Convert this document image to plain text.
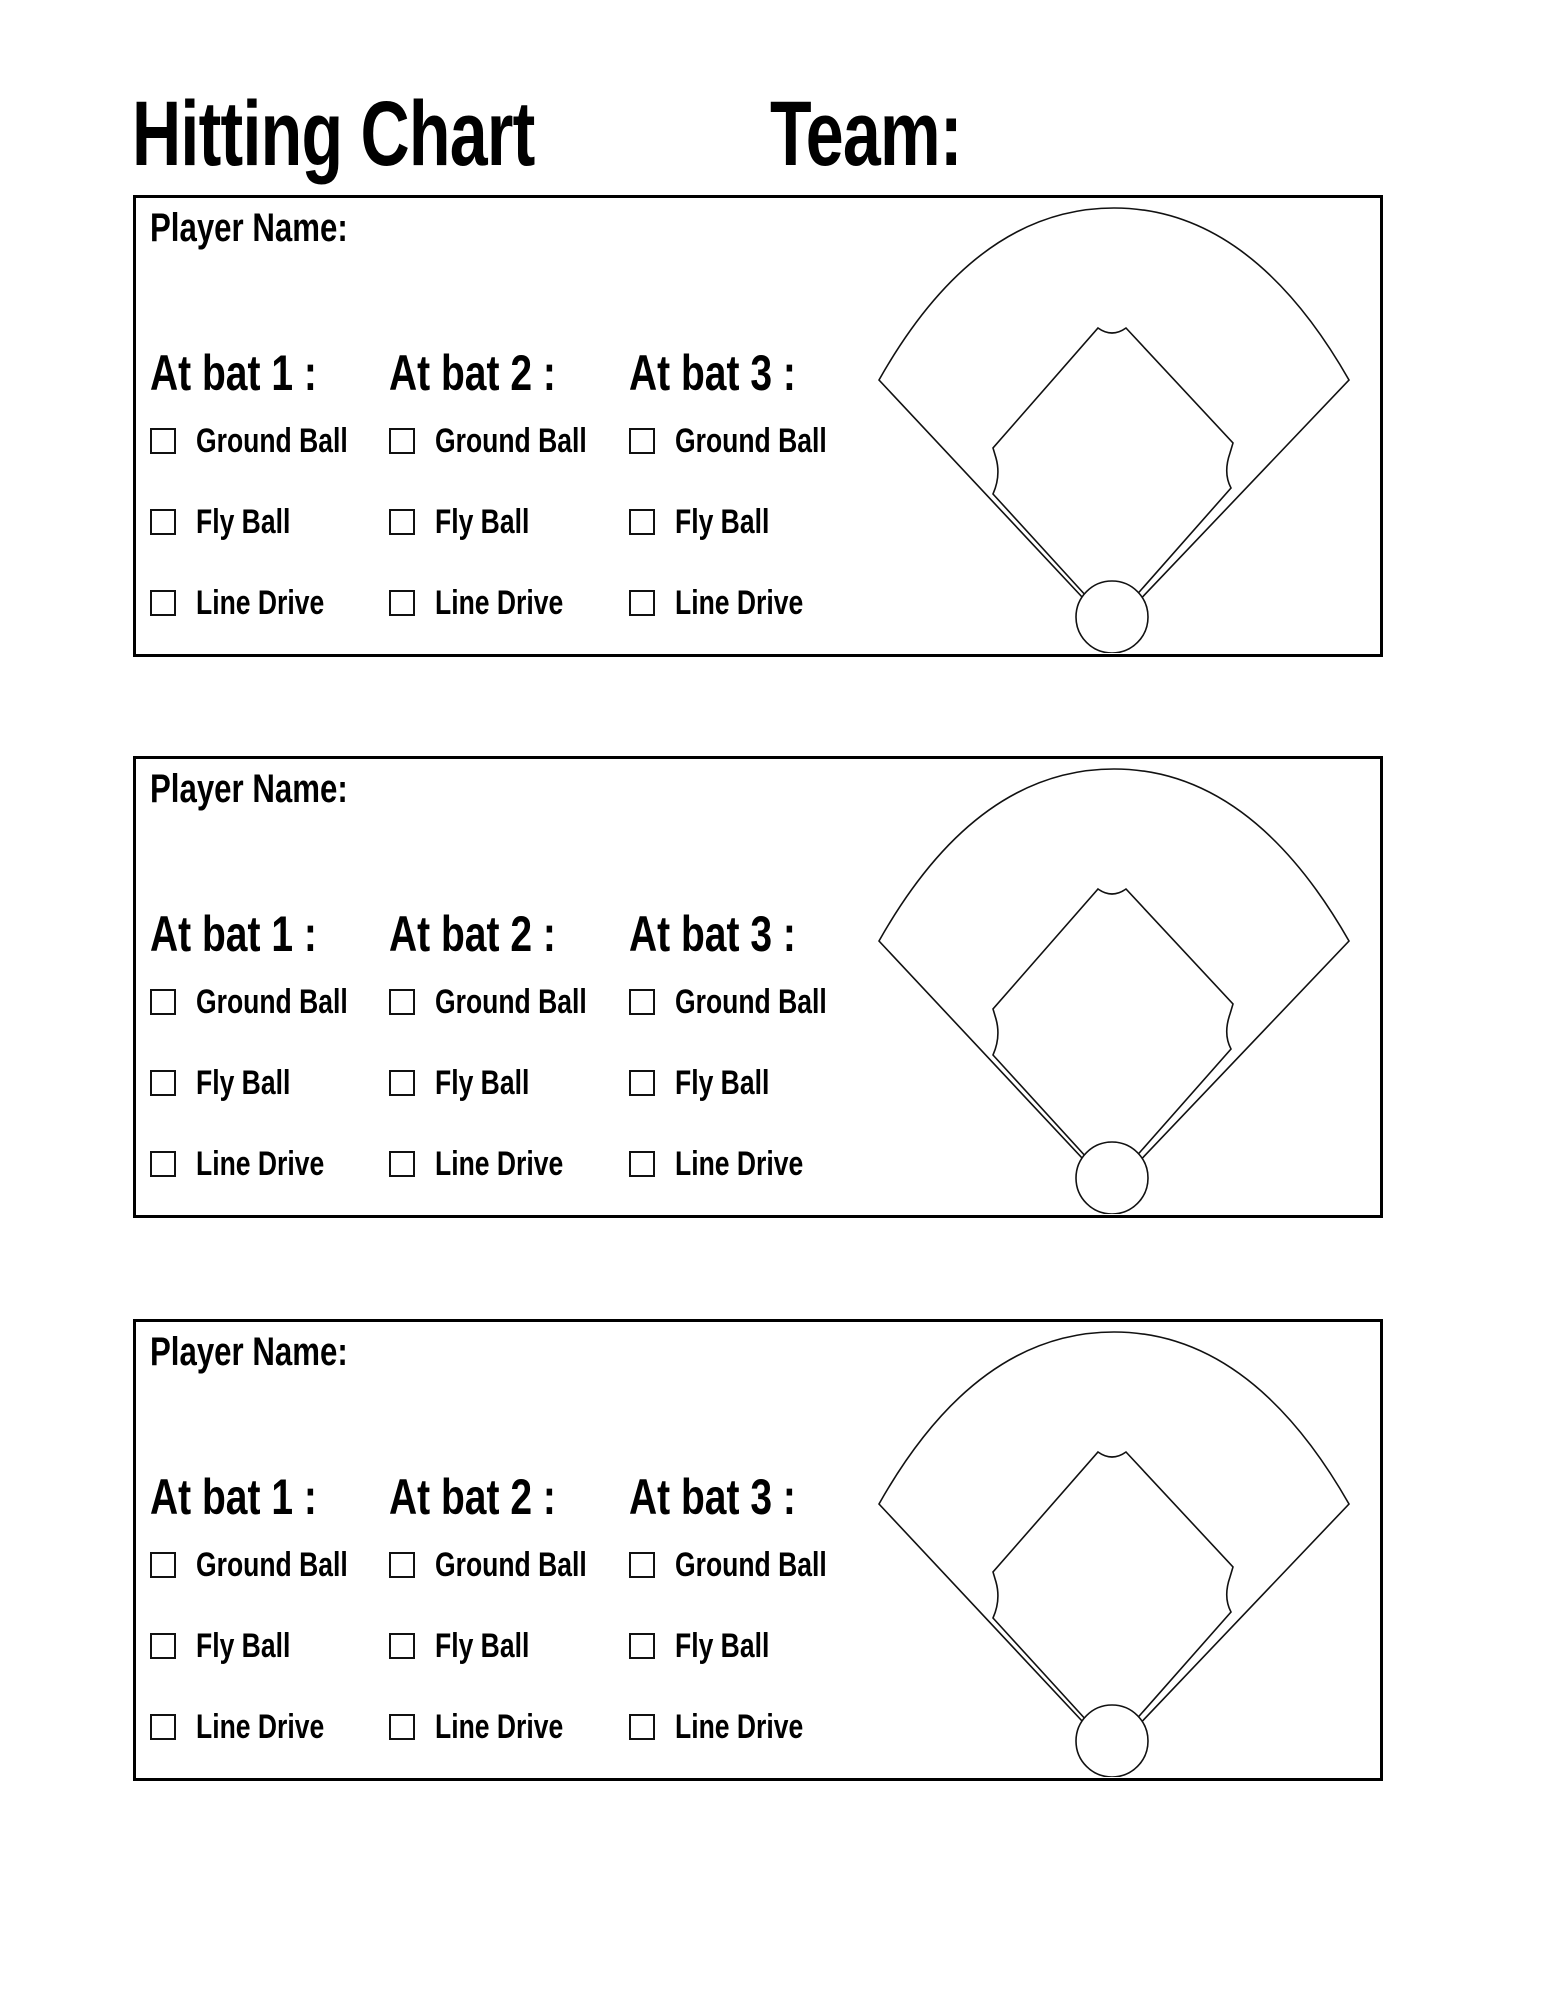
Hitting Chart	Team:
Player Name:
At bat 1 :
Ground Ball
Fly Ball
Line Drive
At bat 2 :
Ground Ball
Fly Ball
Line Drive
At bat 3 :
Ground Ball
Fly Ball
Line Drive
Player Name:
At bat 1 :
Ground Ball
Fly Ball
Line Drive
At bat 2 :
Ground Ball
Fly Ball
Line Drive
At bat 3 :
Ground Ball
Fly Ball
Line Drive
Player Name:
At bat 1 :
Ground Ball
Fly Ball
Line Drive
At bat 2 :
Ground Ball
Fly Ball
Line Drive
At bat 3 :
Ground Ball
Fly Ball
Line Drive
